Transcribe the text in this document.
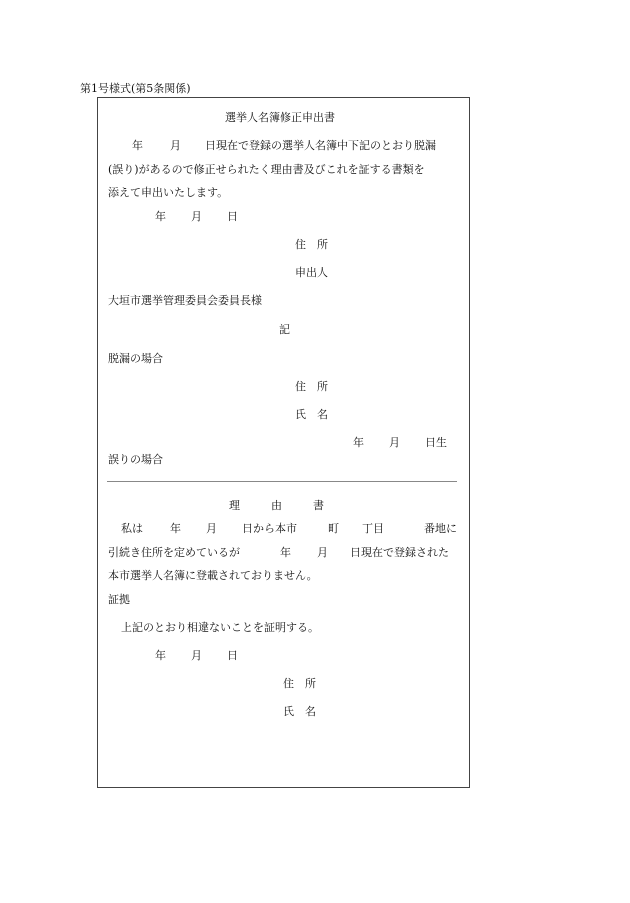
第1号様式(第5条関係)
選挙人名簿修正申出書
年 月 日現在で登録の選挙人名簿中下記のとおり脱漏
(誤り)があるので修正せられたく理由書及びこれを証する書類を
添えて申出いたします。
年 月 日
住　所
申出人
大垣市選挙管理委員会委員長様
記
脱漏の場合
住　所
氏　名
年 月 日生
誤りの場合
理	由	書
私は 年 月 日から本市	町 丁目	番地に
引続き住所を定めているが	年 月 日現在で登録された
本市選挙人名簿に登載されておりません。
証拠
上記のとおり相違ないことを証明する。
年 月 日
住　所
氏　名
